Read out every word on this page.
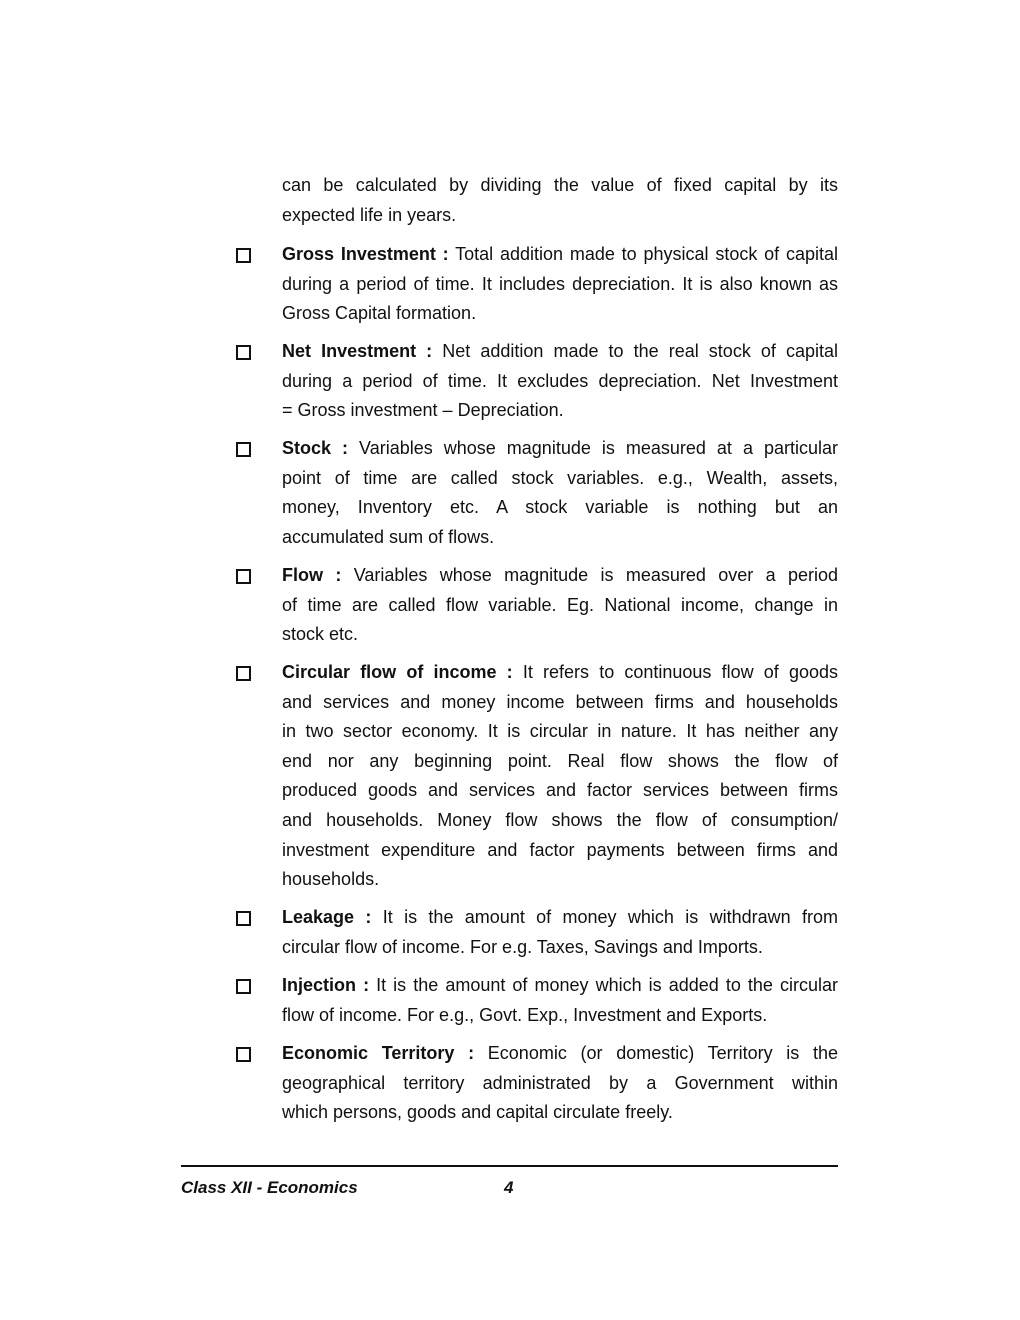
can be calculated by dividing the value of fixed capital by its
expected life in years.
Gross Investment : Total addition made to physical stock of capital
during a period of time. It includes depreciation. It is also known as
Gross Capital formation.
Net Investment : Net addition made to the real stock of capital
during a period of time. It excludes depreciation. Net Investment
= Gross investment – Depreciation.
Stock : Variables whose magnitude is measured at a particular
point of time are called stock variables. e.g., Wealth, assets,
money, Inventory etc. A stock variable is nothing but an
accumulated sum of flows.
Flow : Variables whose magnitude is measured over a period
of time are called flow variable. Eg. National income, change in
stock etc.
Circular flow of income : It refers to continuous flow of goods
and services and money income between firms and households
in two sector economy. It is circular in nature. It has neither any
end nor any beginning point. Real flow shows the flow of
produced goods and services and factor services between firms
and households. Money flow shows the flow of consumption/
investment expenditure and factor payments between firms and
households.
Leakage : It is the amount of money which is withdrawn from
circular flow of income. For e.g. Taxes, Savings and Imports.
Injection : It is the amount of money which is added to the circular
flow of income. For e.g., Govt. Exp., Investment and Exports.
Economic Territory : Economic (or domestic) Territory is the
geographical territory administrated by a Government within
which persons, goods and capital circulate freely.
Class XII - Economics	4
